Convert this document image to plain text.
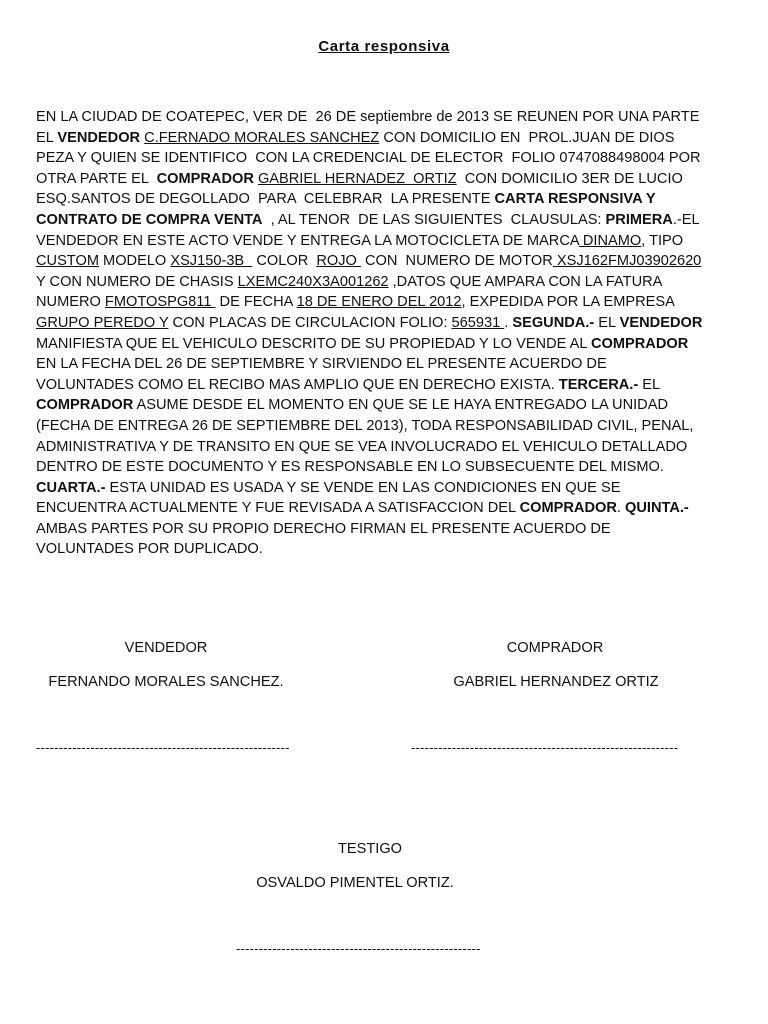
Carta responsiva
EN LA CIUDAD DE COATEPEC, VER DE  26 DE septiembre de 2013 SE REUNEN POR UNA PARTE
EL VENDEDOR C.FERNADO MORALES SANCHEZ CON DOMICILIO EN  PROL.JUAN DE DIOS
PEZA Y QUIEN SE IDENTIFICO  CON LA CREDENCIAL DE ELECTOR  FOLIO 0747088498004 POR
OTRA PARTE EL  COMPRADOR GABRIEL HERNADEZ  ORTIZ  CON DOMICILIO 3ER DE LUCIO
ESQ.SANTOS DE DEGOLLADO  PARA  CELEBRAR  LA PRESENTE CARTA RESPONSIVA Y
CONTRATO DE COMPRA VENTA  , AL TENOR  DE LAS SIGUIENTES  CLAUSULAS: PRIMERA.-EL
VENDEDOR EN ESTE ACTO VENDE Y ENTREGA LA MOTOCICLETA DE MARCA DINAMO, TIPO
CUSTOM MODELO XSJ150-3B   COLOR  ROJO  CON  NUMERO DE MOTOR XSJ162FMJ03902620
Y CON NUMERO DE CHASIS LXEMC240X3A001262 ,DATOS QUE AMPARA CON LA FATURA
NUMERO FMOTOSPG811  DE FECHA 18 DE ENERO DEL 2012, EXPEDIDA POR LA EMPRESA
GRUPO PEREDO Y CON PLACAS DE CIRCULACION FOLIO: 565931 . SEGUNDA.- EL VENDEDOR
MANIFIESTA QUE EL VEHICULO DESCRITO DE SU PROPIEDAD Y LO VENDE AL COMPRADOR
EN LA FECHA DEL 26 DE SEPTIEMBRE Y SIRVIENDO EL PRESENTE ACUERDO DE
VOLUNTADES COMO EL RECIBO MAS AMPLIO QUE EN DERECHO EXISTA. TERCERA.- EL
COMPRADOR ASUME DESDE EL MOMENTO EN QUE SE LE HAYA ENTREGADO LA UNIDAD
(FECHA DE ENTREGA 26 DE SEPTIEMBRE DEL 2013), TODA RESPONSABILIDAD CIVIL, PENAL,
ADMINISTRATIVA Y DE TRANSITO EN QUE SE VEA INVOLUCRADO EL VEHICULO DETALLADO
DENTRO DE ESTE DOCUMENTO Y ES RESPONSABLE EN LO SUBSECUENTE DEL MISMO.
CUARTA.- ESTA UNIDAD ES USADA Y SE VENDE EN LAS CONDICIONES EN QUE SE
ENCUENTRA ACTUALMENTE Y FUE REVISADA A SATISFACCION DEL COMPRADOR. QUINTA.-
AMBAS PARTES POR SU PROPIO DERECHO FIRMAN EL PRESENTE ACUERDO DE
VOLUNTADES POR DUPLICADO.
VENDEDOR
FERNANDO MORALES SANCHEZ.
--------------------------------------------------------
COMPRADOR
GABRIEL HERNANDEZ ORTIZ
-----------------------------------------------------------
TESTIGO
OSVALDO PIMENTEL ORTIZ.
------------------------------------------------------
